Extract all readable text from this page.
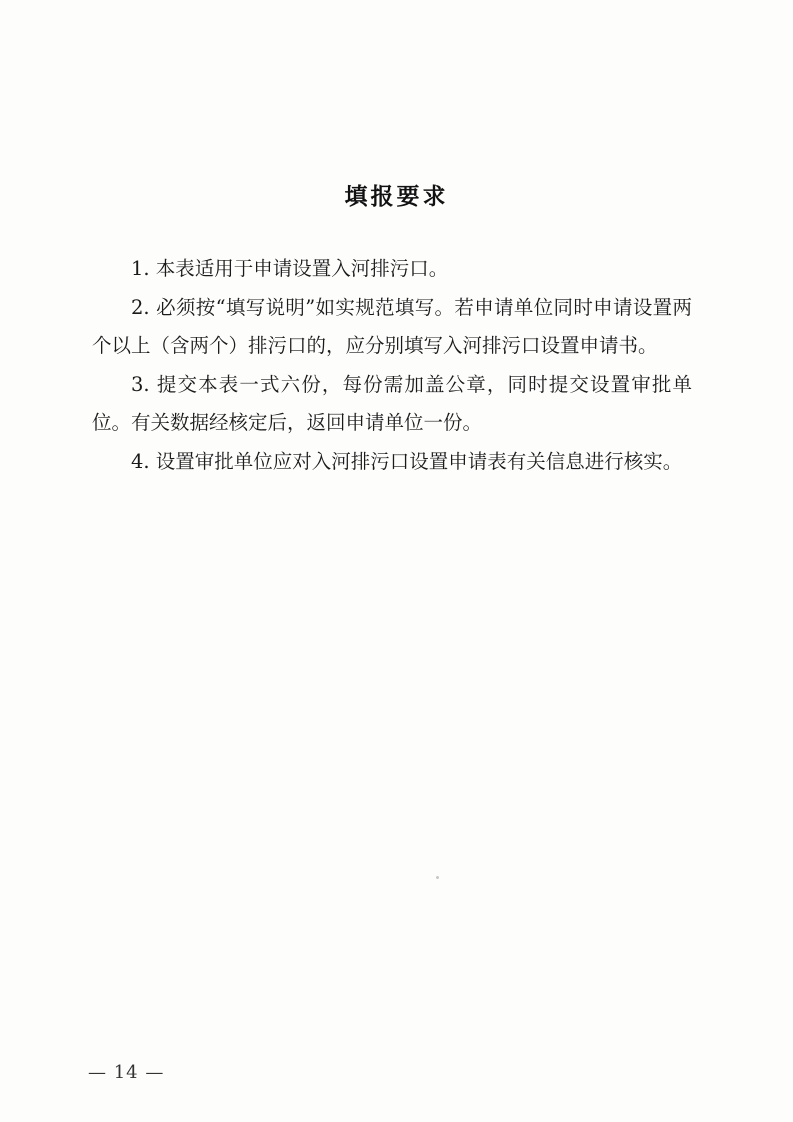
填报要求

1. 本表适用于申请设置入河排污口。

2. 必须按“填写说明”如实规范填写。若申请单位同时申请设置两个以上（含两个）排污口的，应分别填写入河排污口设置申请书。

3. 提交本表一式六份，每份需加盖公章，同时提交设置审批单位。有关数据经核定后，返回申请单位一份。

4. 设置审批单位应对入河排污口设置申请表有关信息进行核实。

— 14 —
